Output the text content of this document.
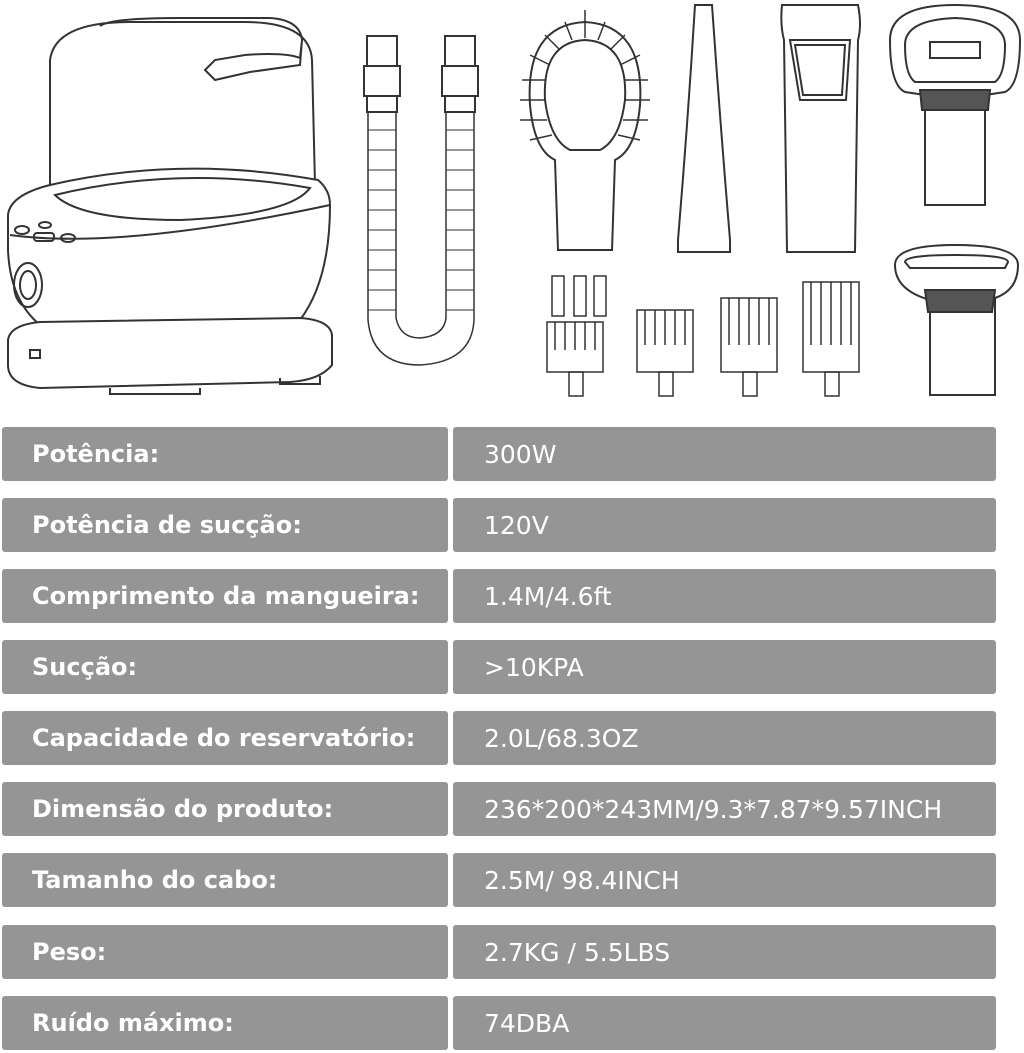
Potência:	300W
Potência de sucção:	120V
Comprimento da mangueira:	1.4M/4.6ft
Sucção:	>10KPA
Capacidade do reservatório:	2.0L/68.3OZ
Dimensão do produto:	236*200*243MM/9.3*7.87*9.57INCH
Tamanho do cabo:	2.5M/ 98.4INCH
Peso:	2.7KG / 5.5LBS
Ruído máximo:	74DBA
